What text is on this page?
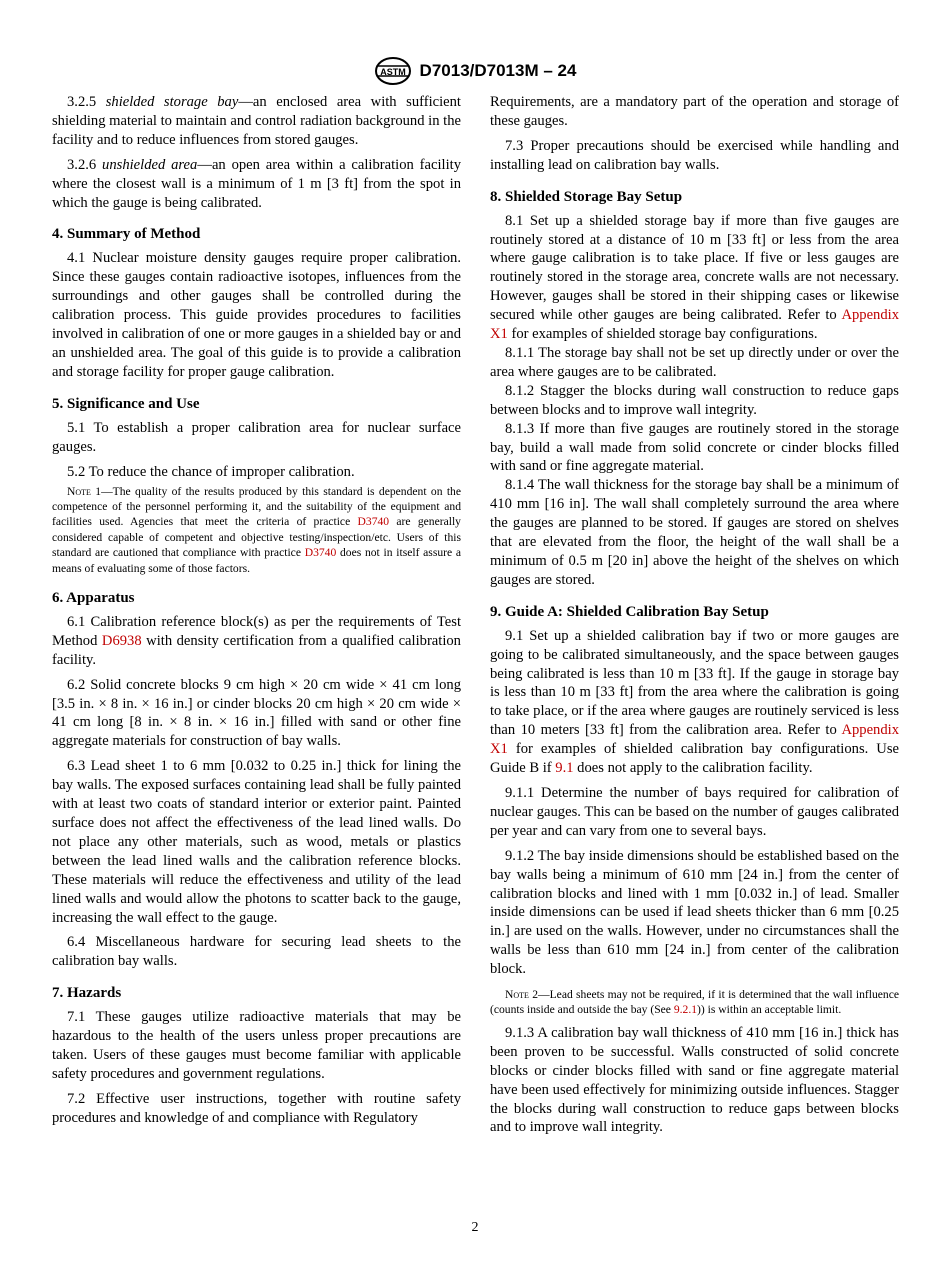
ASTM D7013/D7013M – 24

3.2.5 shielded storage bay—an enclosed area with sufficient shielding material to maintain and control radiation background in the facility and to reduce influences from stored gauges.

3.2.6 unshielded area—an open area within a calibration facility where the closest wall is a minimum of 1 m [3 ft] from the spot in which the gauge is being calibrated.

4. Summary of Method

4.1 Nuclear moisture density gauges require proper calibration. Since these gauges contain radioactive isotopes, influences from the surroundings and other gauges shall be controlled during the calibration process. This guide provides procedures to facilities involved in calibration of one or more gauges in a shielded bay or and an unshielded area. The goal of this guide is to provide a calibration and storage facility for proper gauge calibration.

5. Significance and Use

5.1 To establish a proper calibration area for nuclear surface gauges.

5.2 To reduce the chance of improper calibration.

Note 1—The quality of the results produced by this standard is dependent on the competence of the personnel performing it, and the suitability of the equipment and facilities used. Agencies that meet the criteria of practice D3740 are generally considered capable of competent and objective testing/inspection/etc. Users of this standard are cautioned that compliance with practice D3740 does not in itself assure a means of evaluating some of those factors.

6. Apparatus

6.1 Calibration reference block(s) as per the requirements of Test Method D6938 with density certification from a qualified calibration facility.

6.2 Solid concrete blocks 9 cm high × 20 cm wide × 41 cm long [3.5 in. × 8 in. × 16 in.] or cinder blocks 20 cm high × 20 cm wide × 41 cm long [8 in. × 8 in. × 16 in.] filled with sand or other fine aggregate materials for construction of bay walls.

6.3 Lead sheet 1 to 6 mm [0.032 to 0.25 in.] thick for lining the bay walls. The exposed surfaces containing lead shall be fully painted with at least two coats of standard interior or exterior paint. Painted surface does not affect the effectiveness of the lead lined walls. Do not place any other materials, such as wood, metals or plastics between the lead lined walls and the calibration reference blocks. These materials will reduce the effectiveness and utility of the lead lined walls and would allow the photons to scatter back to the gauge, increasing the wall effect to the gauge.

6.4 Miscellaneous hardware for securing lead sheets to the calibration bay walls.

7. Hazards

7.1 These gauges utilize radioactive materials that may be hazardous to the health of the users unless proper precautions are taken. Users of these gauges must become familiar with applicable safety procedures and government regulations.

7.2 Effective user instructions, together with routine safety procedures and knowledge of and compliance with Regulatory

Requirements, are a mandatory part of the operation and storage of these gauges.

7.3 Proper precautions should be exercised while handling and installing lead on calibration bay walls.

8. Shielded Storage Bay Setup

8.1 Set up a shielded storage bay if more than five gauges are routinely stored at a distance of 10 m [33 ft] or less from the area where gauge calibration is to take place. If five or less gauges are routinely stored in the storage area, concrete walls are not necessary. However, gauges shall be stored in their shipping cases or likewise secured while other gauges are being calibrated. Refer to Appendix X1 for examples of shielded storage bay configurations.

8.1.1 The storage bay shall not be set up directly under or over the area where gauges are to be calibrated.

8.1.2 Stagger the blocks during wall construction to reduce gaps between blocks and to improve wall integrity.

8.1.3 If more than five gauges are routinely stored in the storage bay, build a wall made from solid concrete or cinder blocks filled with sand or fine aggregate material.

8.1.4 The wall thickness for the storage bay shall be a minimum of 410 mm [16 in]. The wall shall completely surround the area where the gauges are planned to be stored. If gauges are stored on shelves that are elevated from the floor, the height of the wall shall be a minimum of 0.5 m [20 in] above the height of the shelves on which gauges are stored.

9. Guide A: Shielded Calibration Bay Setup

9.1 Set up a shielded calibration bay if two or more gauges are going to be calibrated simultaneously, and the space between gauges being calibrated is less than 10 m [33 ft]. If the gauge in storage bay is less than 10 m [33 ft] from the area where the calibration is going to take place, or if the area where gauges are routinely serviced is less than 10 meters [33 ft] from the calibration area. Refer to Appendix X1 for examples of shielded calibration bay configurations. Use Guide B if 9.1 does not apply to the calibration facility.

9.1.1 Determine the number of bays required for calibration of nuclear gauges. This can be based on the number of gauges calibrated per year and can vary from one to several bays.

9.1.2 The bay inside dimensions should be established based on the bay walls being a minimum of 610 mm [24 in.] from the center of calibration blocks and lined with 1 mm [0.032 in.] of lead. Smaller inside dimensions can be used if lead sheets thicker than 6 mm [0.25 in.] are used on the walls. However, under no circumstances shall the walls be less than 610 mm [24 in.] from center of the calibration block.

Note 2—Lead sheets may not be required, if it is determined that the wall influence (counts inside and outside the bay (See 9.2.1)) is within an acceptable limit.

9.1.3 A calibration bay wall thickness of 410 mm [16 in.] thick has been proven to be successful. Walls constructed of solid concrete blocks or cinder blocks filled with sand or fine aggregate material have been used effectively for minimizing outside influences. Stagger the blocks during wall construction to reduce gaps between blocks and to improve wall integrity.

2
